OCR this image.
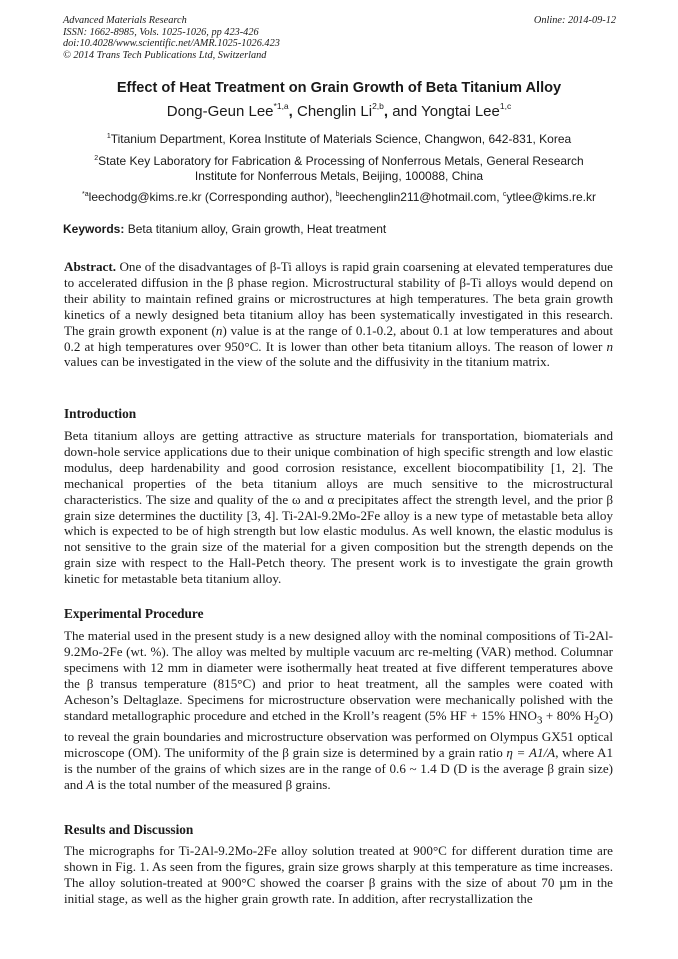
Advanced Materials Research
ISSN: 1662-8985, Vols. 1025-1026, pp 423-426
doi:10.4028/www.scientific.net/AMR.1025-1026.423
© 2014 Trans Tech Publications Ltd, Switzerland
Online: 2014-09-12
Effect of Heat Treatment on Grain Growth of Beta Titanium Alloy
Dong-Geun Lee$^{*1,a}$, Chenglin Li$^{2,b}$, and Yongtai Lee$^{1,c}$
$^1$Titanium Department, Korea Institute of Materials Science, Changwon, 642-831, Korea
$^2$State Key Laboratory for Fabrication & Processing of Nonferrous Metals, General Research
Institute for Nonferrous Metals, Beijing, 100088, China
$^{*a}$leechodg@kims.re.kr (Corresponding author), $^b$leechenglin211@hotmail.com, $^c$ytlee@kims.re.kr
Keywords: Beta titanium alloy, Grain growth, Heat treatment
Abstract. One of the disadvantages of β-Ti alloys is rapid grain coarsening at elevated temperatures due to accelerated diffusion in the β phase region. Microstructural stability of β-Ti alloys would depend on their ability to maintain refined grains or microstructures at high temperatures. The beta grain growth kinetics of a newly designed beta titanium alloy has been systematically investigated in this research. The grain growth exponent (n) value is at the range of 0.1-0.2, about 0.1 at low temperatures and about 0.2 at high temperatures over 950°C. It is lower than other beta titanium alloys. The reason of lower n values can be investigated in the view of the solute and the diffusivity in the titanium matrix.
Introduction
Beta titanium alloys are getting attractive as structure materials for transportation, biomaterials and down-hole service applications due to their unique combination of high specific strength and low elastic modulus, deep hardenability and good corrosion resistance, excellent biocompatibility [1, 2]. The mechanical properties of the beta titanium alloys are much sensitive to the microstructural characteristics. The size and quality of the ω and α precipitates affect the strength level, and the prior β grain size determines the ductility [3, 4]. Ti-2Al-9.2Mo-2Fe alloy is a new type of metastable beta alloy which is expected to be of high strength but low elastic modulus. As well known, the elastic modulus is not sensitive to the grain size of the material for a given composition but the strength depends on the grain size with respect to the Hall-Petch theory. The present work is to investigate the grain growth kinetic for metastable beta titanium alloy.
Experimental Procedure
The material used in the present study is a new designed alloy with the nominal compositions of Ti-2Al-9.2Mo-2Fe (wt. %). The alloy was melted by multiple vacuum arc re-melting (VAR) method. Columnar specimens with 12 mm in diameter were isothermally heat treated at five different temperatures above the β transus temperature (815°C) and prior to heat treatment, all the samples were coated with Acheson’s Deltaglaze. Specimens for microstructure observation were mechanically polished with the standard metallographic procedure and etched in the Kroll’s reagent (5% HF + 15% $HNO_3 + 80\%$ $H_2O$) to reveal the grain boundaries and microstructure observation was performed on Olympus GX51 optical microscope (OM). The uniformity of the β grain size is determined by a grain ratio η = A1/A, where A1 is the number of the grains of which sizes are in the range of 0.6 ~ 1.4 D (D is the average β grain size) and A is the total number of the measured β grains.
Results and Discussion
The micrographs for Ti-2Al-9.2Mo-2Fe alloy solution treated at 900°C for different duration time are shown in Fig. 1. As seen from the figures, grain size grows sharply at this temperature as time increases. The alloy solution-treated at 900°C showed the coarser β grains with the size of about 70 µm in the initial stage, as well as the higher grain growth rate. In addition, after recrystallization the
